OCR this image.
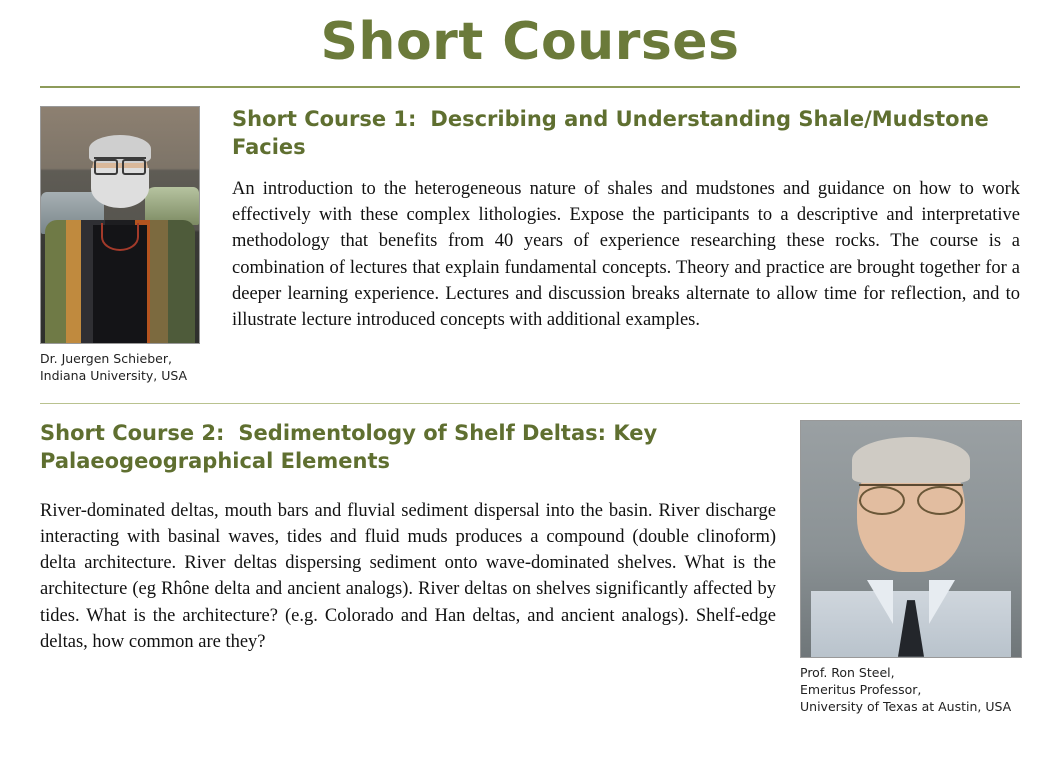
Short Courses
Dr. Juergen Schieber,
Indiana University, USA
Short Course 1: Describing and Understanding Shale/Mudstone Facies

An introduction to the heterogeneous nature of shales and mudstones and guidance on how to work effectively with these complex lithologies. Expose the participants to a descriptive and interpretative methodology that benefits from 40 years of experience researching these rocks. The course is a combination of lectures that explain fundamental concepts. Theory and practice are brought together for a deeper learning experience. Lectures and discussion breaks alternate to allow time for reflection, and to illustrate lecture introduced concepts with additional examples.

Short Course 2: Sedimentology of Shelf Deltas: Key Palaeogeographical Elements

River-dominated deltas, mouth bars and fluvial sediment dispersal into the basin. River discharge interacting with basinal waves, tides and fluid muds produces a compound (double clinoform) delta architecture. River deltas dispersing sediment onto wave-dominated shelves. What is the architecture (eg Rhône delta and ancient analogs). River deltas on shelves significantly affected by tides. What is the architecture? (e.g. Colorado and Han deltas, and ancient analogs). Shelf-edge deltas, how common are they?

Prof. Ron Steel,
Emeritus Professor,
University of Texas at Austin, USA
